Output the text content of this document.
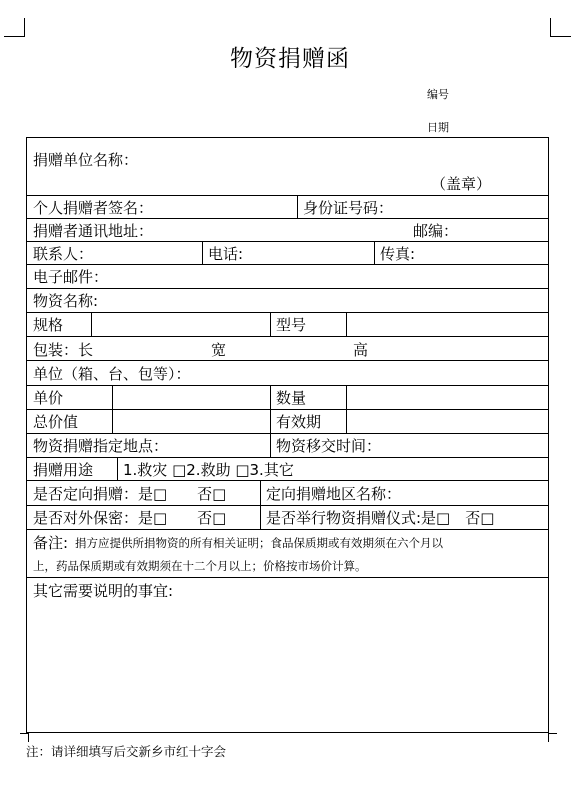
物资捐赠函
编号
日期
捐赠单位名称：
（盖章）
个人捐赠者签名：	身份证号码：
捐赠者通讯地址：	邮编：
联系人：	电话:	传真:
电子邮件：
物资名称:
规格	型号
包装：长	宽	高
单位（箱、台、包等）：
单价	数量
总价值	有效期
物资捐赠指定地点：	物资移交时间：
捐赠用途	1.救灾 □2.救助 □3.其它
是否定向捐赠：是□　　否□	定向捐赠地区名称：
是否对外保密：是□　　否□	是否举行物资捐赠仪式:是□　否□
备注: 捐方应提供所捐物资的所有相关证明；食品保质期或有效期须在六个月以
上，药品保质期或有效期须在十二个月以上；价格按市场价计算。
其它需要说明的事宜:
注：请详细填写后交新乡市红十字会
